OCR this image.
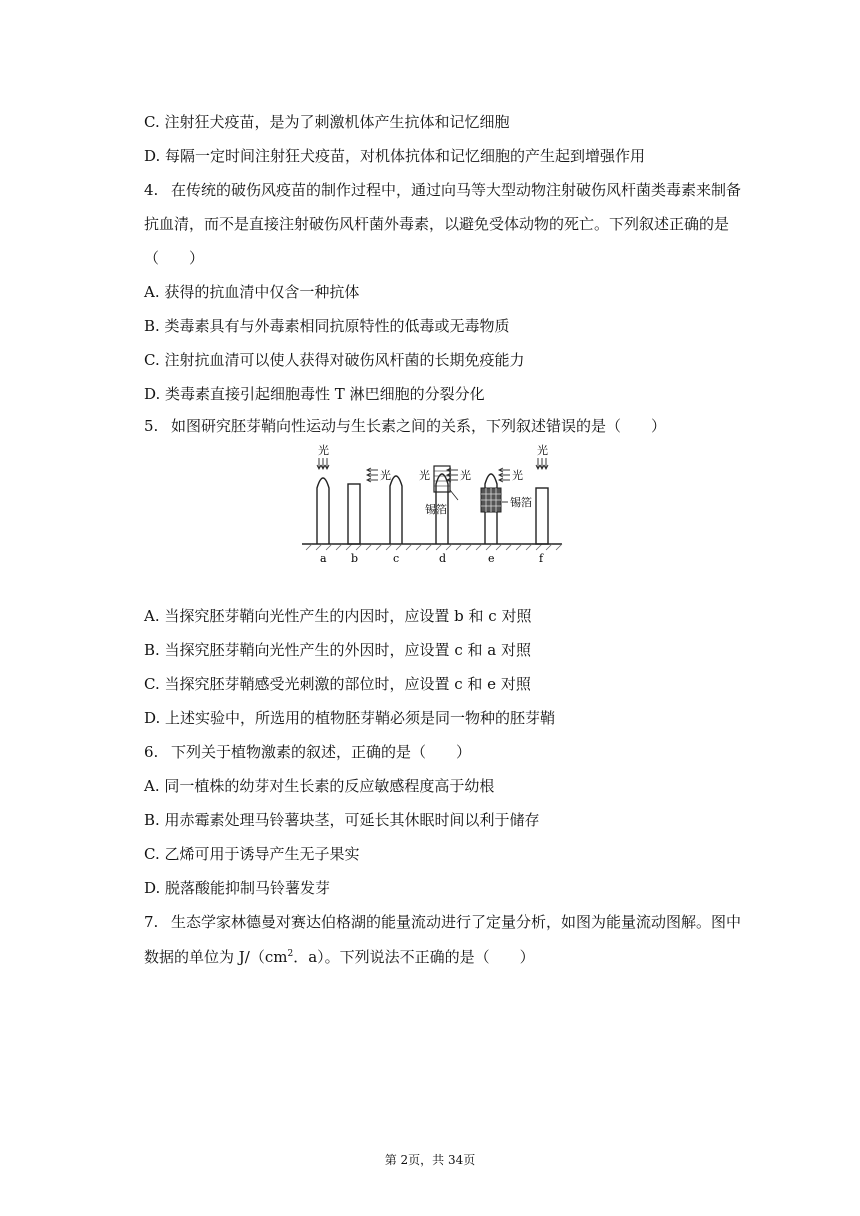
C. 注射狂犬疫苗，是为了刺激机体产生抗体和记忆细胞
D. 每隔一定时间注射狂犬疫苗，对机体抗体和记忆细胞的产生起到增强作用
4. 在传统的破伤风疫苗的制作过程中，通过向马等大型动物注射破伤风杆菌类毒素来制备
抗血清，而不是直接注射破伤风杆菌外毒素，以避免受体动物的死亡。下列叙述正确的是
（　　）
A. 获得的抗血清中仅含一种抗体
B. 类毒素具有与外毒素相同抗原特性的低毒或无毒物质
C. 注射抗血清可以使人获得对破伤风杆菌的长期免疫能力
D. 类毒素直接引起细胞毒性 T 淋巴细胞的分裂分化
5. 如图研究胚芽鞘向性运动与生长素之间的关系，下列叙述错误的是（　　）
光
光	光	光
锡箔
光
锡箔
光
a b	c	d	e	f
A. 当探究胚芽鞘向光性产生的内因时，应设置 b 和 c 对照
B. 当探究胚芽鞘向光性产生的外因时，应设置 c 和 a 对照
C. 当探究胚芽鞘感受光刺激的部位时，应设置 c 和 e 对照
D. 上述实验中，所选用的植物胚芽鞘必须是同一物种的胚芽鞘
6. 下列关于植物激素的叙述，正确的是（　　）
A. 同一植株的幼芽对生长素的反应敏感程度高于幼根
B. 用赤霉素处理马铃薯块茎，可延长其休眠时间以利于储存
C. 乙烯可用于诱导产生无子果实
D. 脱落酸能抑制马铃薯发芽
7. 生态学家林德曼对赛达伯格湖的能量流动进行了定量分析，如图为能量流动图解。图中
数据的单位为 $J/(cm^2$．a）。下列说法不正确的是（　　）
第 2页，共 34页
